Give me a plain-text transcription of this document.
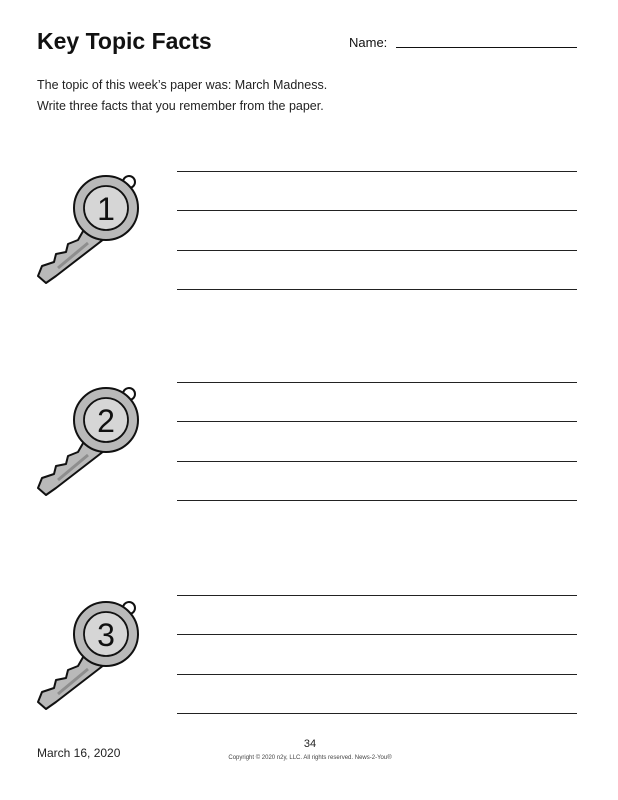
Key Topic Facts	Name:
The topic of this week’s paper was: March Madness.
Write three facts that you remember from the paper.
1
2
3
March 16, 2020
34
Copyright © 2020 n2y, LLC. All rights reserved. News-2-You®
